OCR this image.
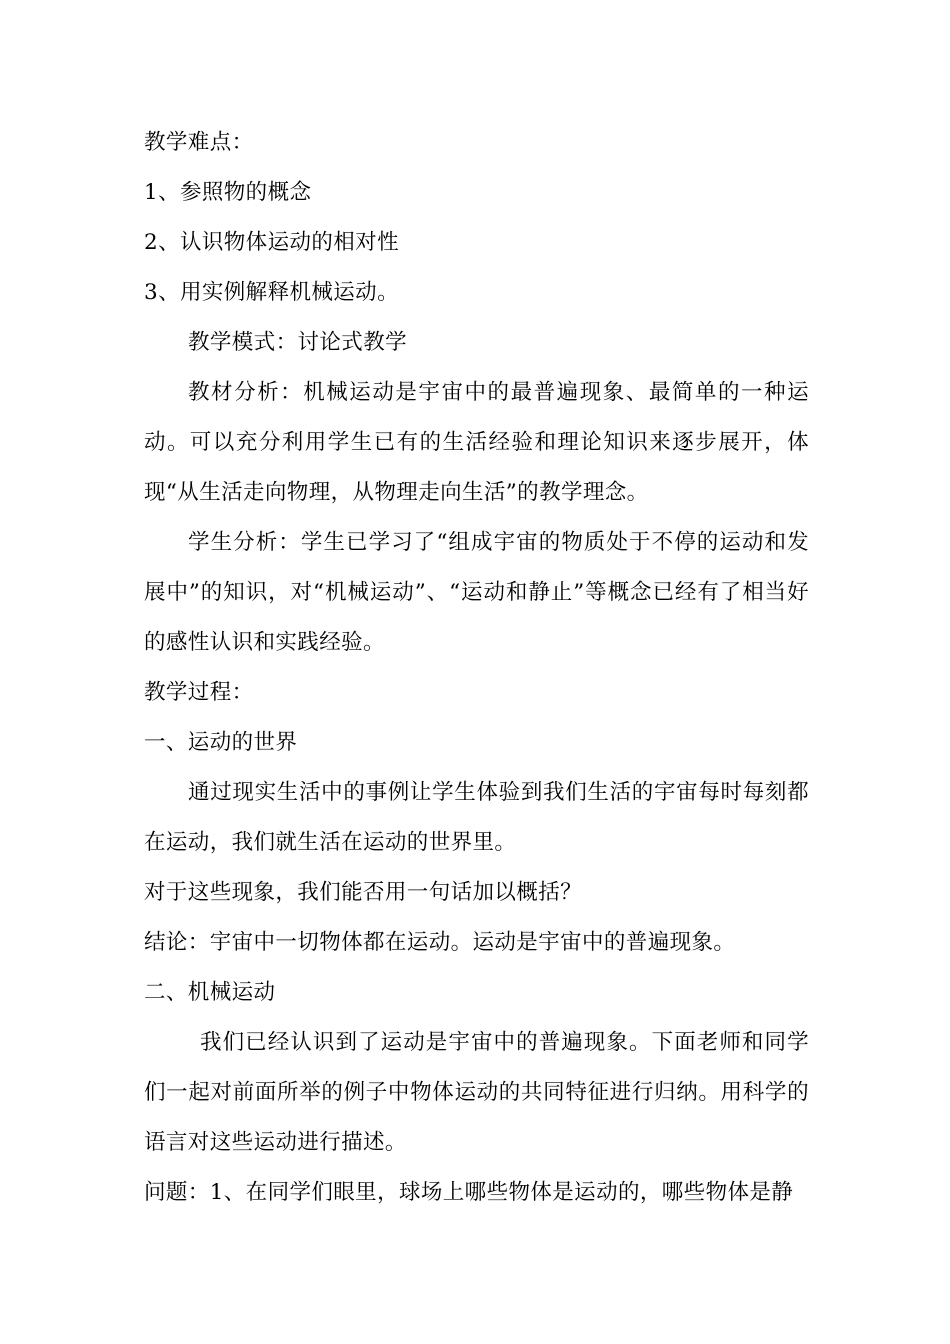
教学难点：
1、参照物的概念
2、认识物体运动的相对性
3、用实例解释机械运动。
教学模式：讨论式教学
教材分析：机械运动是宇宙中的最普遍现象、最简单的一种运动。可以充分利用学生已有的生活经验和理论知识来逐步展开，体现“从生活走向物理，从物理走向生活”的教学理念。
学生分析：学生已学习了“组成宇宙的物质处于不停的运动和发展中”的知识，对“机械运动”、“运动和静止”等概念已经有了相当好的感性认识和实践经验。
教学过程：
一、运动的世界
通过现实生活中的事例让学生体验到我们生活的宇宙每时每刻都在运动，我们就生活在运动的世界里。
对于这些现象，我们能否用一句话加以概括？
结论：宇宙中一切物体都在运动。运动是宇宙中的普遍现象。
二、机械运动
我们已经认识到了运动是宇宙中的普遍现象。下面老师和同学们一起对前面所举的例子中物体运动的共同特征进行归纳。用科学的语言对这些运动进行描述。
问题：1、在同学们眼里，球场上哪些物体是运动的，哪些物体是静
